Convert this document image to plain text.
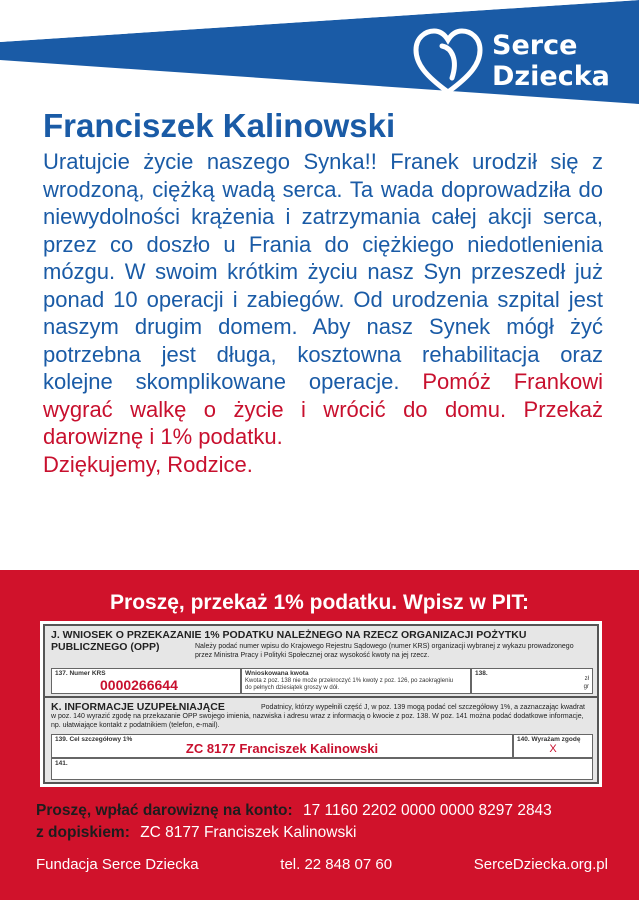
Serce
Dziecka
Franciszek Kalinowski

Uratujcie życie naszego Synka!! Franek urodził się z wrodzoną, ciężką wadą serca. Ta wada doprowadziła do niewydolności krążenia i zatrzymania całej akcji serca, przez co doszło u Frania do ciężkiego niedotlenienia mózgu. W swoim krótkim życiu nasz Syn przeszedł już ponad 10 operacji i zabiegów. Od urodzenia szpital jest naszym drugim domem. Aby nasz Synek mógł żyć potrzebna jest długa, kosztowna rehabilitacja oraz kolejne skomplikowane operacje. Pomóż Frankowi wygrać walkę o życie i wrócić do domu. Przekaż darowiznę i 1% podatku.
Dziękujemy, Rodzice.

Proszę, przekaż 1% podatku. Wpisz w PIT:
J. WNIOSEK O PRZEKAZANIE 1% PODATKU NALEŻNEGO NA RZECZ ORGANIZACJI POŻYTKU PUBLICZNEGO (OPP)	Należy podać numer wpisu do Krajowego Rejestru Sądowego (numer KRS) organizacji wybranej z wykazu prowadzonego przez Ministra Pracy i Polityki Społecznej oraz wysokość kwoty na jej rzecz.
137. Numer KRS
0000266644
Wnioskowana kwota
Kwota z poz. 138 nie może przekroczyć 1% kwoty z poz. 126, po zaokrągleniu do pełnych dziesiątek groszy w dół.
138.
zł
gr
K. INFORMACJE UZUPEŁNIAJĄCE	Podatnicy, którzy wypełnili część J, w poz. 139 mogą podać cel szczegółowy 1%, a zaznaczając kwadrat w poz. 140 wyrazić zgodę na przekazanie OPP swojego imienia, nazwiska i adresu wraz z informacją o kwocie z poz. 138. W poz. 141 można podać dodatkowe informacje, np. ułatwiające kontakt z podatnikiem (telefon, e-mail).
139. Cel szczegółowy 1%
ZC 8177 Franciszek Kalinowski
140. Wyrażam zgodę
X
141.
Proszę, wpłać darowiznę na konto: 17 1160 2202 0000 0000 8297 2843
z dopiskiem: ZC 8177 Franciszek Kalinowski
Fundacja Serce Dziecka	tel. 22 848 07 60	SerceDziecka.org.pl
